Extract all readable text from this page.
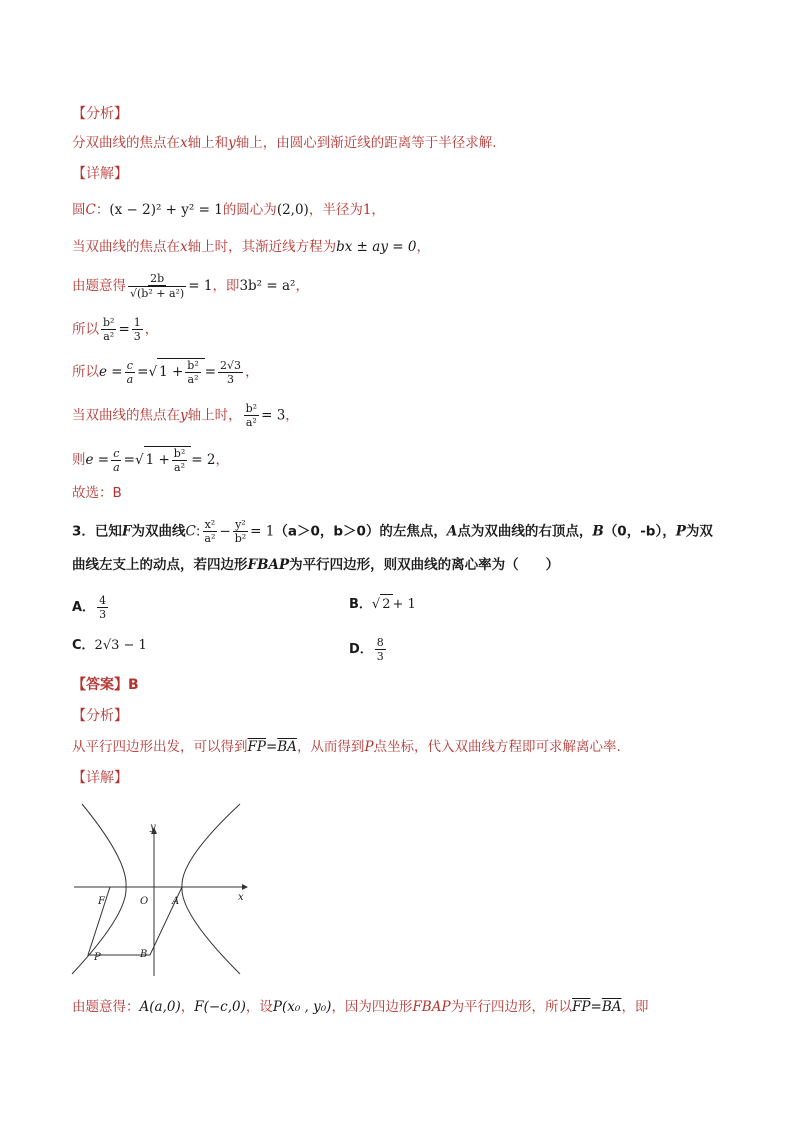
【分析】
分双曲线的焦点在x轴上和y轴上，由圆心到渐近线的距离等于半径求解.
【详解】
圆C：(x − 2)² + y² = 1的圆心为(2,0)，半径为1，
当双曲线的焦点在x轴上时，其渐近线方程为bx ± ay = 0，
由题意得 $\frac{2b}{\text{√(b² + a²)}} = 1$，即3b² = a²，
所以 $\frac{\text{b²}}{\text{a²}} = \frac{1}{3}$ ，
所以$e = \frac{c}{a}$ =√ $1 + \frac{\text{b²}}{\text{a²}} = \frac{2√3}{3}$ ，
当双曲线的焦点在y轴上时， $\frac{\text{b²}}{\text{a²}} = 3$，
则$e = \frac{c}{a}$ =√ $1 + \frac{\text{b²}}{\text{a²}} = 2$，
故选：B
3．已知F为双曲线C: $\frac{\text{x²}}{\text{a²}} - \frac{\text{y²}}{\text{b²}} = 1(a>0$，b＞0）的左焦点，A点为双曲线的右顶点，B（0，-b），P为双
曲线左支上的动点，若四边形FBAP为平行四边形，则双曲线的离心率为（　　）
A． $\frac{4}{3}$	B．√ 2 + 1
C．2√3 − 1	D． $\frac{8}{3}$
【答案】B
【分析】
从平行四边形出发，可以得到$\overline{FP}=\overline{BA}$，从而得到P点坐标，代入双曲线方程即可求解离心率.
【详解】
y
x
F	O A
P	B
由题意得：A(a,0)，F(−c,0)，设P(x₀ , y₀)，因为四边形FBAP为平行四边形，所以$\overline{FP}=\overline{BA}$，即
